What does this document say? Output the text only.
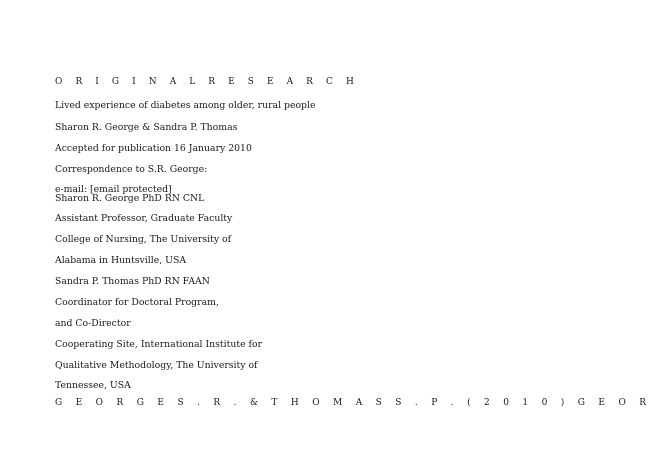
O R I G I N A L R E S E A R C H
Lived experience of diabetes among older, rural people
Sharon R. George & Sandra P. Thomas
Accepted for publication 16 January 2010
Correspondence to S.R. George:
e-mail: [email protected]
Sharon R. George PhD RN CNL
Assistant Professor, Graduate Faculty
College of Nursing, The University of
Alabama in Huntsville, USA
Sandra P. Thomas PhD RN FAAN
Coordinator for Doctoral Program,
and Co-Director
Cooperating Site, International Institute for
Qualitative Methodology, The University of
Tennessee, USA
G E O R G E S . R . & T H O M A S S . P . ( 2 0 1 0 ) G E O R
